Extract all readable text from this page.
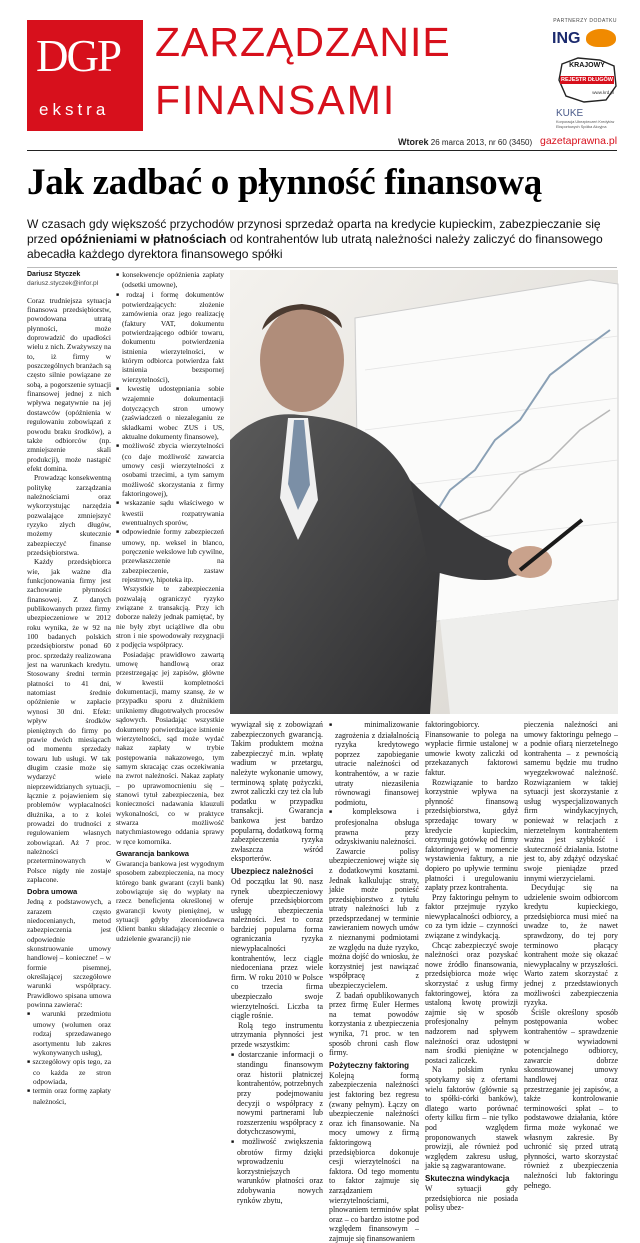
DGP
ekstra
ZARZĄDZANIE
FINANSAMI
PARTNERZY DODATKU
ING
KRAJOWY
REJESTR DŁUGÓW
www.krd.pl
KUKE
Korporacja Ubezpieczeń Kredytów Eksportowych Spółka Akcyjna
Wtorek 26 marca 2013, nr 60 (3450) gazetaprawna.pl
Jak zadbać o płynność finansową

W czasach gdy większość przychodów przynosi sprzedaż oparta na kredycie kupieckim, zabezpieczanie się przed opóźnieniami w płatnościach od kontrahentów lub utratą należności należy zaliczyć do finansowego abecadła każdego dyrektora finansowego spółki

Dariusz Styczek
dariusz.styczek@infor.pl

Coraz trudniejsza sytuacja finansowa przedsiębiorstw, powodowana utratą płynności, może doprowadzić do upadłości wielu z nich. Zważywszy na to, iż firmy w poszczególnych branżach są często silnie powiązane ze sobą, a pogorszenie sytuacji finansowej jednej z nich wpływa negatywnie na jej dostawców (opóźnienia w regulowaniu zobowiązań z powodu braku środków), a także odbiorców (np. zmniejszenie skali produkcji), może nastąpić efekt domina.

Prowadząc konsekwentną politykę zarządzania należnościami oraz wykorzystując narzędzia pozwalające zmniejszyć ryzyko złych długów, możemy skutecznie zabezpieczyć finanse przedsiębiorstwa.

Każdy przedsiębiorca wie, jak ważne dla funkcjonowania firmy jest zachowanie płynności finansowej. Z danych publikowanych przez firmy ubezpieczeniowe w 2012 roku wynika, że w 92 na 100 badanych polskich przedsiębiorstw ponad 60 proc. sprzedaży realizowana jest na warunkach kredytu. Stosowany średni termin płatności to 41 dni, natomiast średnie opóźnienie w zapłacie wynosi 30 dni. Efekt: wpływ środków pieniężnych do firmy po prawie dwóch miesiącach od momentu sprzedaży towaru lub usługi. W tak długim czasie może się wydarzyć wiele nieprzewidzianych sytuacji, łącznie z pojawieniem się problemów wypłacalności dłużnika, a to z kolei prowadzi do trudności z regulowaniem własnych zobowiązań. Aż 7 proc. należności przeterminowanych w Polsce nigdy nie zostaje zapłacone.

Dobra umowa

Jedną z podstawowych, a zarazem często niedocenianych, metod zabezpieczenia jest odpowiednie skonstruowanie umowy handlowej – konieczne! – w formie pisemnej, określającej szczegółowe warunki współpracy. Prawidłowo spisana umowa powinna zawierać:

■ warunki przedmiotu umowy (wolumen oraz rodzaj sprzedawanego asortymentu lub zakres wykonywanych usług),
■ szczegółowy opis tego, za co każda ze stron odpowiada,
■ termin oraz formę zapłaty należności,
■ konsekwencje opóźnienia zapłaty (odsetki umowne),
■ rodzaj i formę dokumentów potwierdzających: złożenie zamówienia oraz jego realizację (faktury VAT, dokumentu potwierdzającego odbiór towaru, dokumentu potwierdzenia istnienia wierzytelności, w którym odbiorca potwierdza fakt istnienia bezspornej wierzytelności),
■ kwestię udostępniania sobie wzajemnie dokumentacji dotyczących stron umowy (zaświadczeń o niezaleganiu ze składkami wobec ZUS i US, aktualne dokumenty finansowe),
■ możliwość zbycia wierzytelności (co daje możliwość zawarcia umowy cesji wierzytelności z osobami trzecimi, a tym samym możliwość skorzystania z firmy faktoringowej),
■ wskazanie sądu właściwego w kwestii rozpatrywania ewentualnych sporów,
■ odpowiednie formy zabezpieczeń umowy, np. weksel in blanco, poręczenie wekslowe lub cywilne, przewłaszczenie na zabezpieczenie, zastaw rejestrowy, hipoteka itp.

Wszystkie te zabezpieczenia pozwalają ograniczyć ryzyko związane z transakcją. Przy ich doborze należy jednak pamiętać, by nie były zbyt uciążliwe dla obu stron i nie spowodowały rezygnacji z podjęcia współpracy.

Posiadając prawidłowo zawartą umowę handlową oraz przestrzegając jej zapisów, główne w kwestii kompletności dokumentacji, mamy szansę, że w przypadku sporu z dłużnikiem unikniemy długotrwałych procesów sądowych. Posiadając wszystkie dokumenty potwierdzające istnienie wierzytelności, sąd może wydać nakaz zapłaty w trybie postępowania nakazowego, tym samym skracając czas oczekiwania na zwrot należności. Nakaz zapłaty – po uprawomocnieniu się – stanowi tytuł zabezpieczenia, bez konieczności nadawania klauzuli wykonalności, co w praktyce stwarza możliwość natychmiastowego oddania sprawy w ręce komornika.

Gwarancja bankowa

Gwarancja bankowa jest wygodnym sposobem zabezpieczenia, na mocy którego bank gwarant (czyli bank) zobowiązuje się do wypłaty na rzecz beneficjenta określonej w gwarancji kwoty pieniężnej, w sytuacji gdyby zleceniodawca (klient banku składający zlecenie o udzielenie gwarancji) nie

wywiązał się z zobowiązań zabezpieczonych gwarancją. Takim produktem można zabezpieczyć m.in. wpłatę wadium w przetargu, należyte wykonanie umowy, terminową spłatę pożyczki, zwrot zaliczki czy też cła lub podatku w przypadku transakcji. Gwarancja bankowa jest bardzo popularną, dodatkową formą zabezpieczenia ryzyka zwłaszcza wśród eksporterów.

Ubezpiecz należności

Od początku lat 90. nasz rynek ubezpieczeniowy oferuje przedsiębiorcom usługę ubezpieczenia należności. Jest to coraz bardziej popularna forma ograniczania ryzyka niewypłacalności kontrahentów, lecz ciągle niedoceniana przez wiele firm. W roku 2010 w Polsce co trzecia firma ubezpieczało swoje wierzytelności. Liczba ta ciągle rośnie.

Rolą tego instrumentu utrzymania płynności jest przede wszystkim:

■ dostarczanie informacji o standingu finansowym oraz historii płatniczej kontrahentów, potrzebnych przy podejmowaniu decyzji o współpracy z nowymi partnerami lub rozszerzeniu współpracy z dotychczasowymi,
■ możliwość zwiększenia obrotów firmy dzięki wprowadzeniu korzystniejszych warunków płatności oraz zdobywania nowych rynków zbytu,
■ minimalizowanie zagrożenia z działalnością ryzyka kredytowego poprzez zapobieganie utracie należności od kontrahentów, a w razie utraty niezasiłenia równowagi finansowej podmiotu,
■ kompleksowa i profesjonalna obsługa prawna przy odzyskiwaniu należności.

Zawarcie polisy ubezpieczeniowej wiąże się z dodatkowymi kosztami. Jednak kalkulując straty, jakie może ponieść przedsiębiorstwo z tytułu utraty należności lub z przedsprzedanej w terminie zawieraniem nowych umów z nieznanymi podmiotami ze względu na duże ryzyko, można dojść do wniosku, że korzystniej jest nawiązać współpracę z ubezpieczycielem.

Z badań opublikowanych przez firmę Euler Hermes na temat powodów korzystania z ubezpieczenia wynika, 71 proc. w ten sposób chroni cash flow firmy.

Pożyteczny faktoring

Kolejną formą zabezpieczenia należności jest faktoring bez regresu (zwany pełnym). Łączy on ubezpieczenie należności oraz ich finansowanie. Na mocy umowy z firmą faktoringową przedsiębiorca dokonuje cesji wierzytelności na faktora. Od tego momentu to faktor zajmuje się zarządzaniem wierzytelnościami, plnowaniem terminów spłat oraz – co bardzo istotne pod względem finansowym – zajmuje się finansowaniem

faktoringobiorcy. Finansowanie to polega na wypłacie firmie ustalonej w umowie kwoty zaliczki od przekazanych faktorowi faktur.

Rozwiązanie to bardzo korzystnie wpływa na płynność finansową przedsiębiorstwa, gdyż sprzedając towary w kredycie kupieckim, otrzymują gotówkę od firmy faktoringowej w momencie wystawienia faktury, a nie dopiero po upływie terminu płatności i uregulowaniu zapłaty przez kontrahenta.

Przy faktoringu pełnym to faktor przejmuje ryzyko niewypłacalności odbiorcy, a co za tym idzie – czynności związane z windykacją.

Chcąc zabezpieczyć swoje należności oraz pozyskać nowe źródło finansowania, przedsiębiorca może więc skorzystać z usług firmy faktoringowej, która za ustaloną kwotę prowizji zajmie się w sposób profesjonalny pełnym nadzorem nad spływem należności oraz udostępni nam środki pieniężne w postaci zaliczek.

Na polskim rynku spotykamy się z ofertami wielu faktorów (głównie są to spółki-córki banków), dlatego warto porównać oferty kilku firm – nie tylko pod względem proponowanych stawek prowizji, ale również pod względem zakresu usług, jakie są zagwarantowane.

Skuteczna windykacja

W sytuacji gdy przedsiębiorca nie posiada polisy ubez-

pieczenia należności ani umowy faktoringu pełnego – a podnie ofiarą nierzetelnego kontrahenta – z pewnością samemu będzie mu trudno wyegzekwować należność. Rozwiązaniem w takiej sytuacji jest skorzystanie z usług wyspecjalizowanych firm windykacyjnych, ponieważ w relacjach z nierzetelnym kontrahentem ważna jest szybkość i skuteczność działania. Istotne jest to, aby zdążyć odzyskać swoje pieniądze przed innymi wierzycielami.

Decydując się na udzielenie swoim odbiorcom kredytu kupieckiego, przedsiębiorca musi mieć na uwadze to, że nawet sprawdzony, do tej pory terminowo płacący kontrahent może się okazać niewypłacalny w przyszłości. Warto zatem skorzystać z jednej z przedstawionych możliwości zabezpieczenia ryzyka.

Ściśle określony sposób postępowania wobec kontrahentów – sprawdzenie w wywiadowni potencjalnego odbiorcy, zawarcie dobrze skonstruowanej umowy handlowej oraz przestrzeganie jej zapisów, a także kontrolowanie terminowości spłat – to podstawowe działania, które firma może wykonać we własnym zakresie. By uchronić się przed utratą płynności, warto skorzystać również z ubezpieczenia należności lub faktoringu pełnego.
